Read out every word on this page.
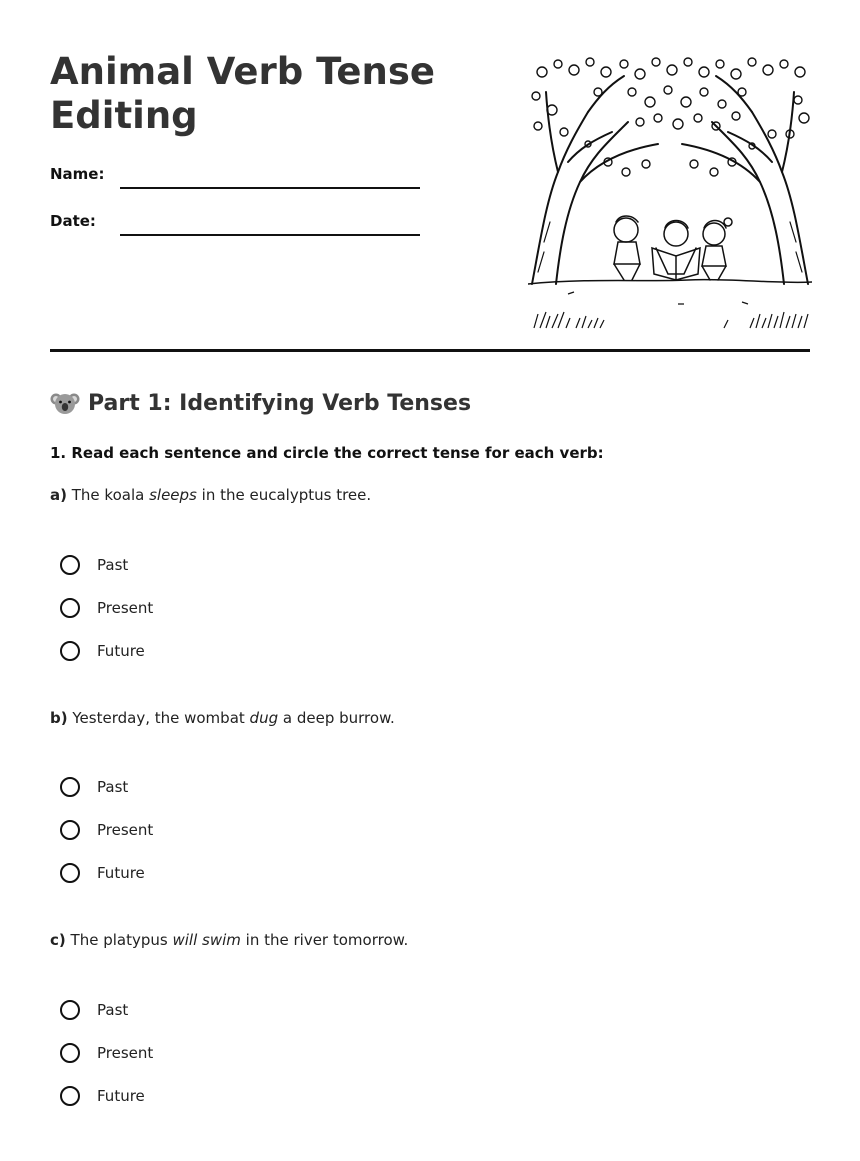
Animal Verb Tense Editing
Name:
Date:
Part 1: Identifying Verb Tenses
1. Read each sentence and circle the correct tense for each verb:
a) The koala sleeps in the eucalyptus tree.
Past
Present
Future
b) Yesterday, the wombat dug a deep burrow.
Past
Present
Future
c) The platypus will swim in the river tomorrow.
Past
Present
Future
